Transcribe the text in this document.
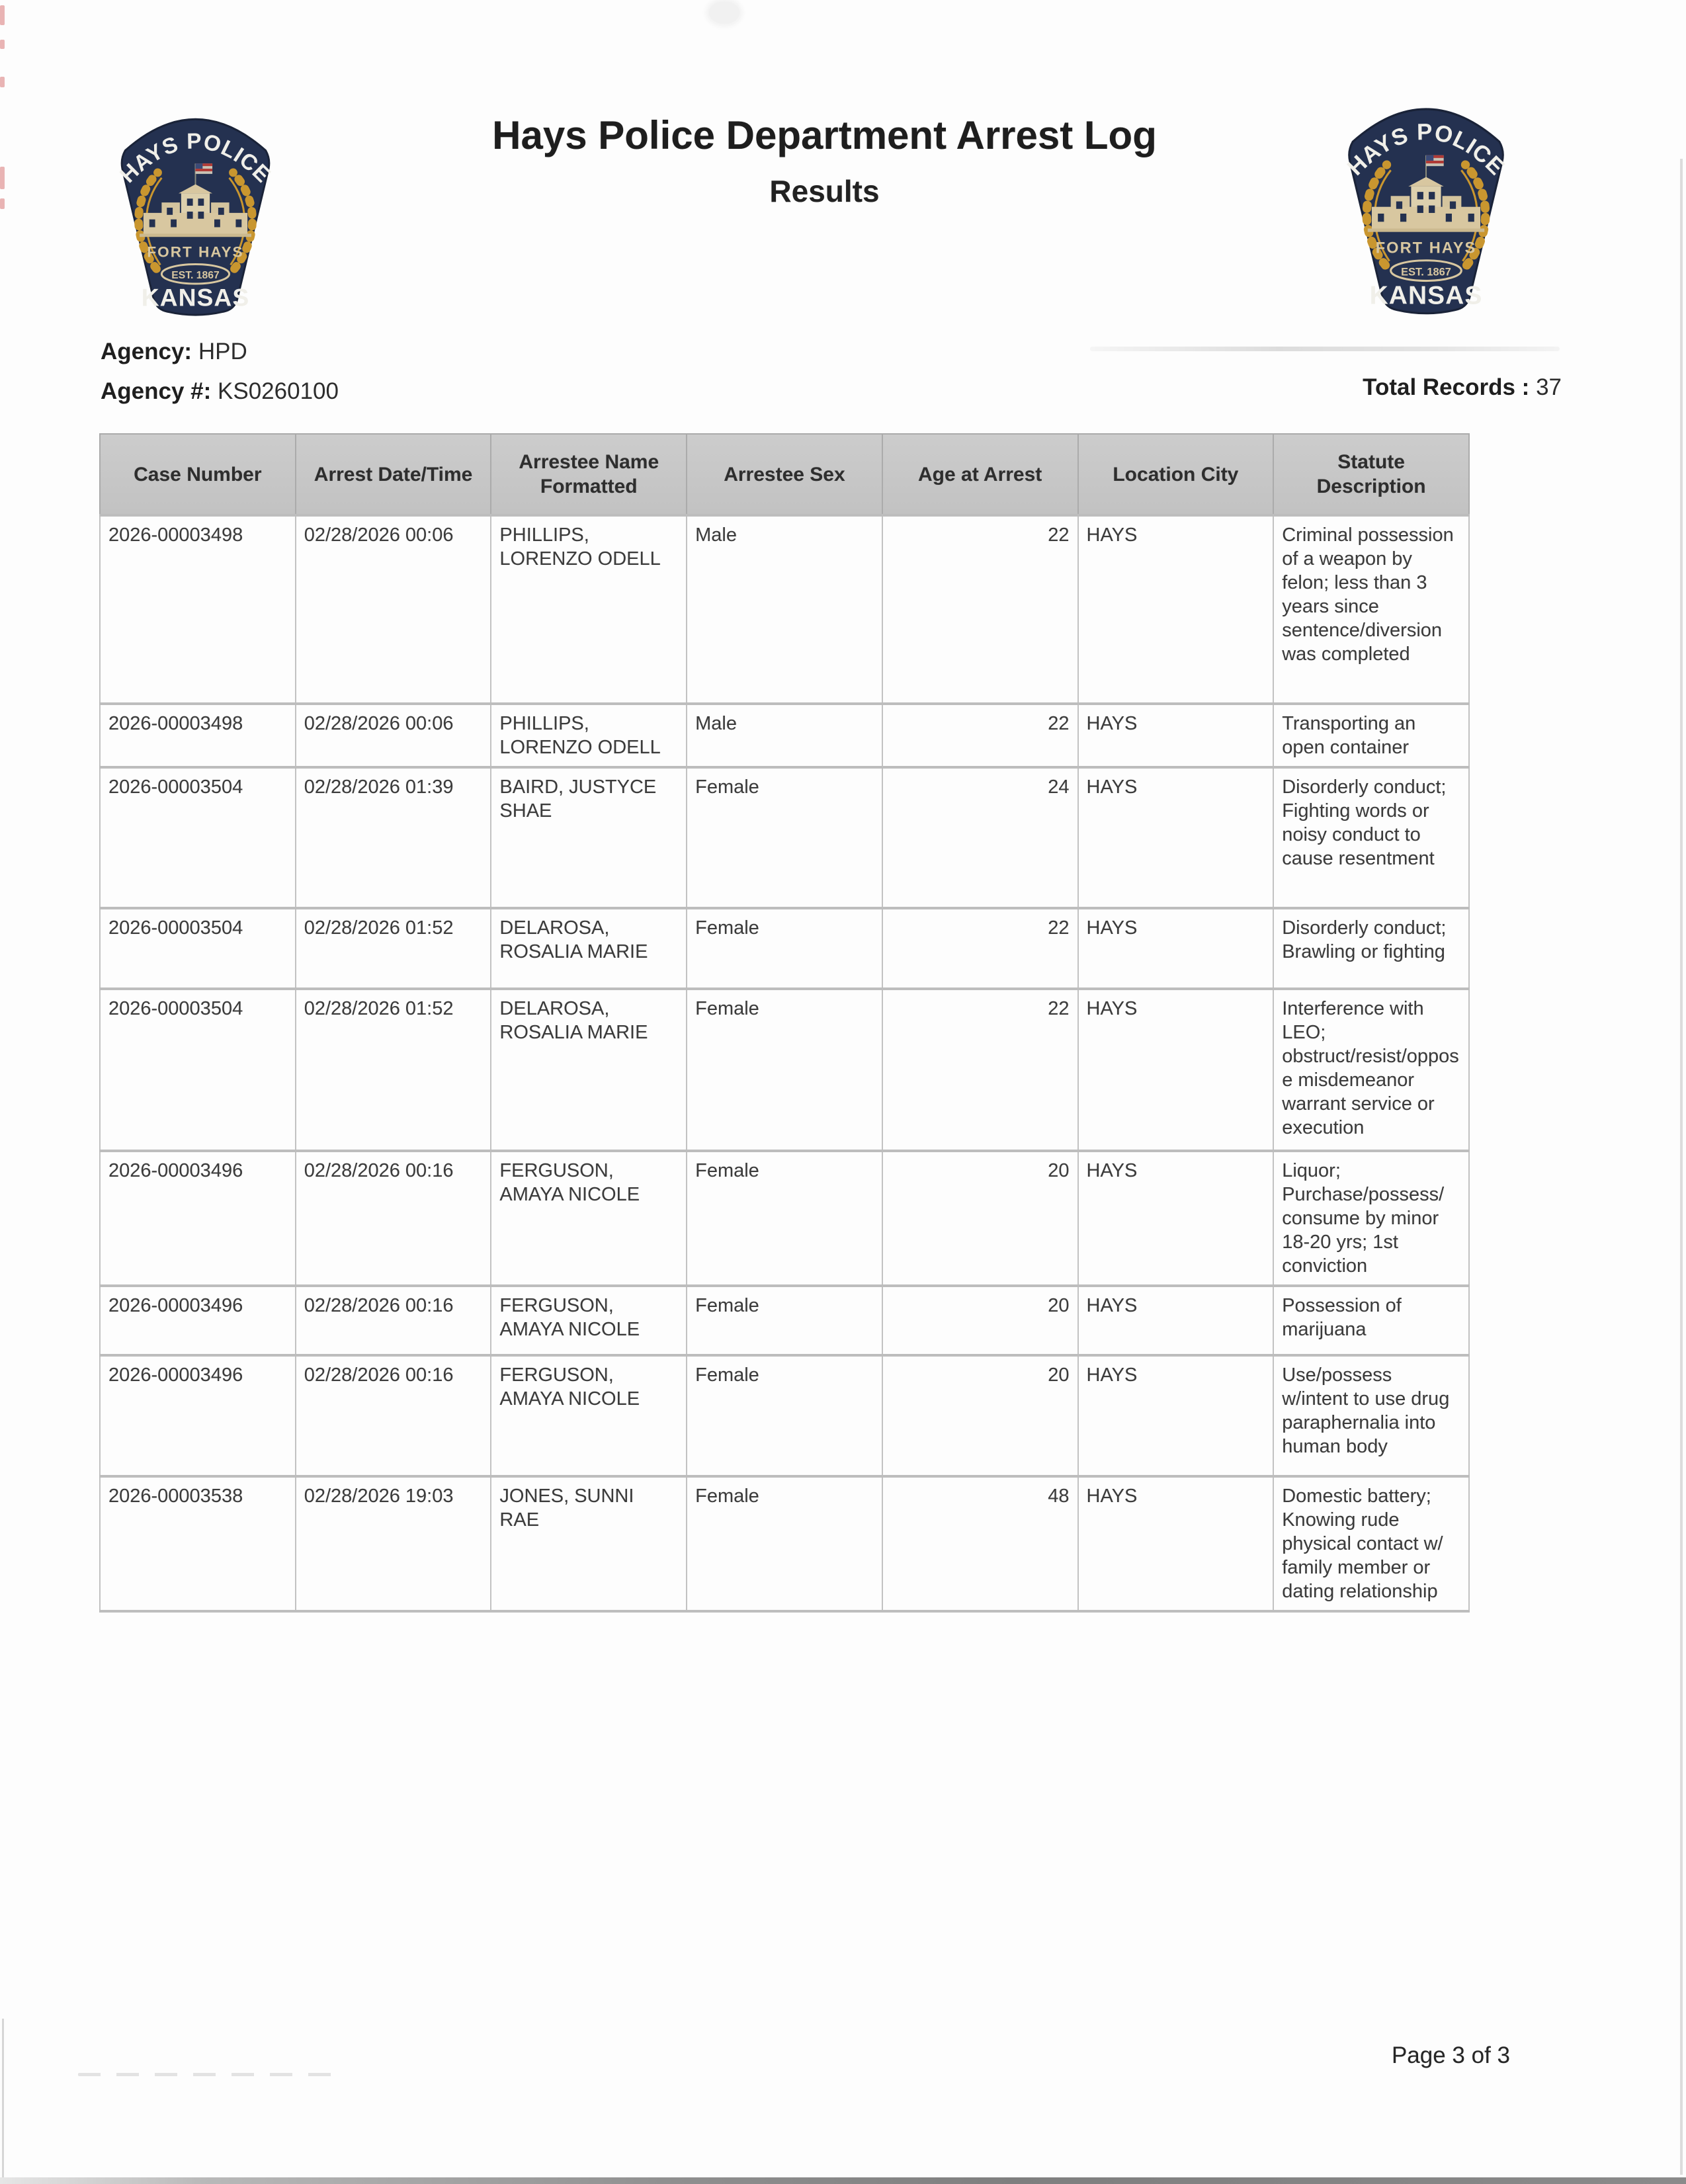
HAYS POLICE
FORT HAYS
EST. 1867
KANSAS
HAYS POLICE
FORT HAYS
EST. 1867
KANSAS
Hays Police Department Arrest Log
Results
Agency: HPD
Agency #: KS0260100	Total Records : 37
Case Number	Arrest Date/Time	Arrestee Name Formatted	Arrestee Sex	Age at Arrest	Location City	Statute Description
2026-00003498	02/28/2026 00:06	PHILLIPS, LORENZO ODELL	Male	22	HAYS	Criminal possession of a weapon by felon; less than 3 years since sentence/diversion was completed
2026-00003498	02/28/2026 00:06	PHILLIPS, LORENZO ODELL	Male	22	HAYS	Transporting an open container
2026-00003504	02/28/2026 01:39	BAIRD, JUSTYCE SHAE	Female	24	HAYS	Disorderly conduct; Fighting words or noisy conduct to cause resentment
2026-00003504	02/28/2026 01:52	DELAROSA, ROSALIA MARIE	Female	22	HAYS	Disorderly conduct; Brawling or fighting
2026-00003504	02/28/2026 01:52	DELAROSA, ROSALIA MARIE	Female	22	HAYS	Interference with LEO; obstruct/resist/oppose misdemeanor warrant service or execution
2026-00003496	02/28/2026 00:16	FERGUSON, AMAYA NICOLE	Female	20	HAYS	Liquor; Purchase/possess/ consume by minor 18-20 yrs; 1st conviction
2026-00003496	02/28/2026 00:16	FERGUSON, AMAYA NICOLE	Female	20	HAYS	Possession of marijuana
2026-00003496	02/28/2026 00:16	FERGUSON, AMAYA NICOLE	Female	20	HAYS	Use/possess w/intent to use drug paraphernalia into human body
2026-00003538	02/28/2026 19:03	JONES, SUNNI RAE	Female	48	HAYS	Domestic battery; Knowing rude physical contact w/ family member or dating relationship
Page 3 of 3
